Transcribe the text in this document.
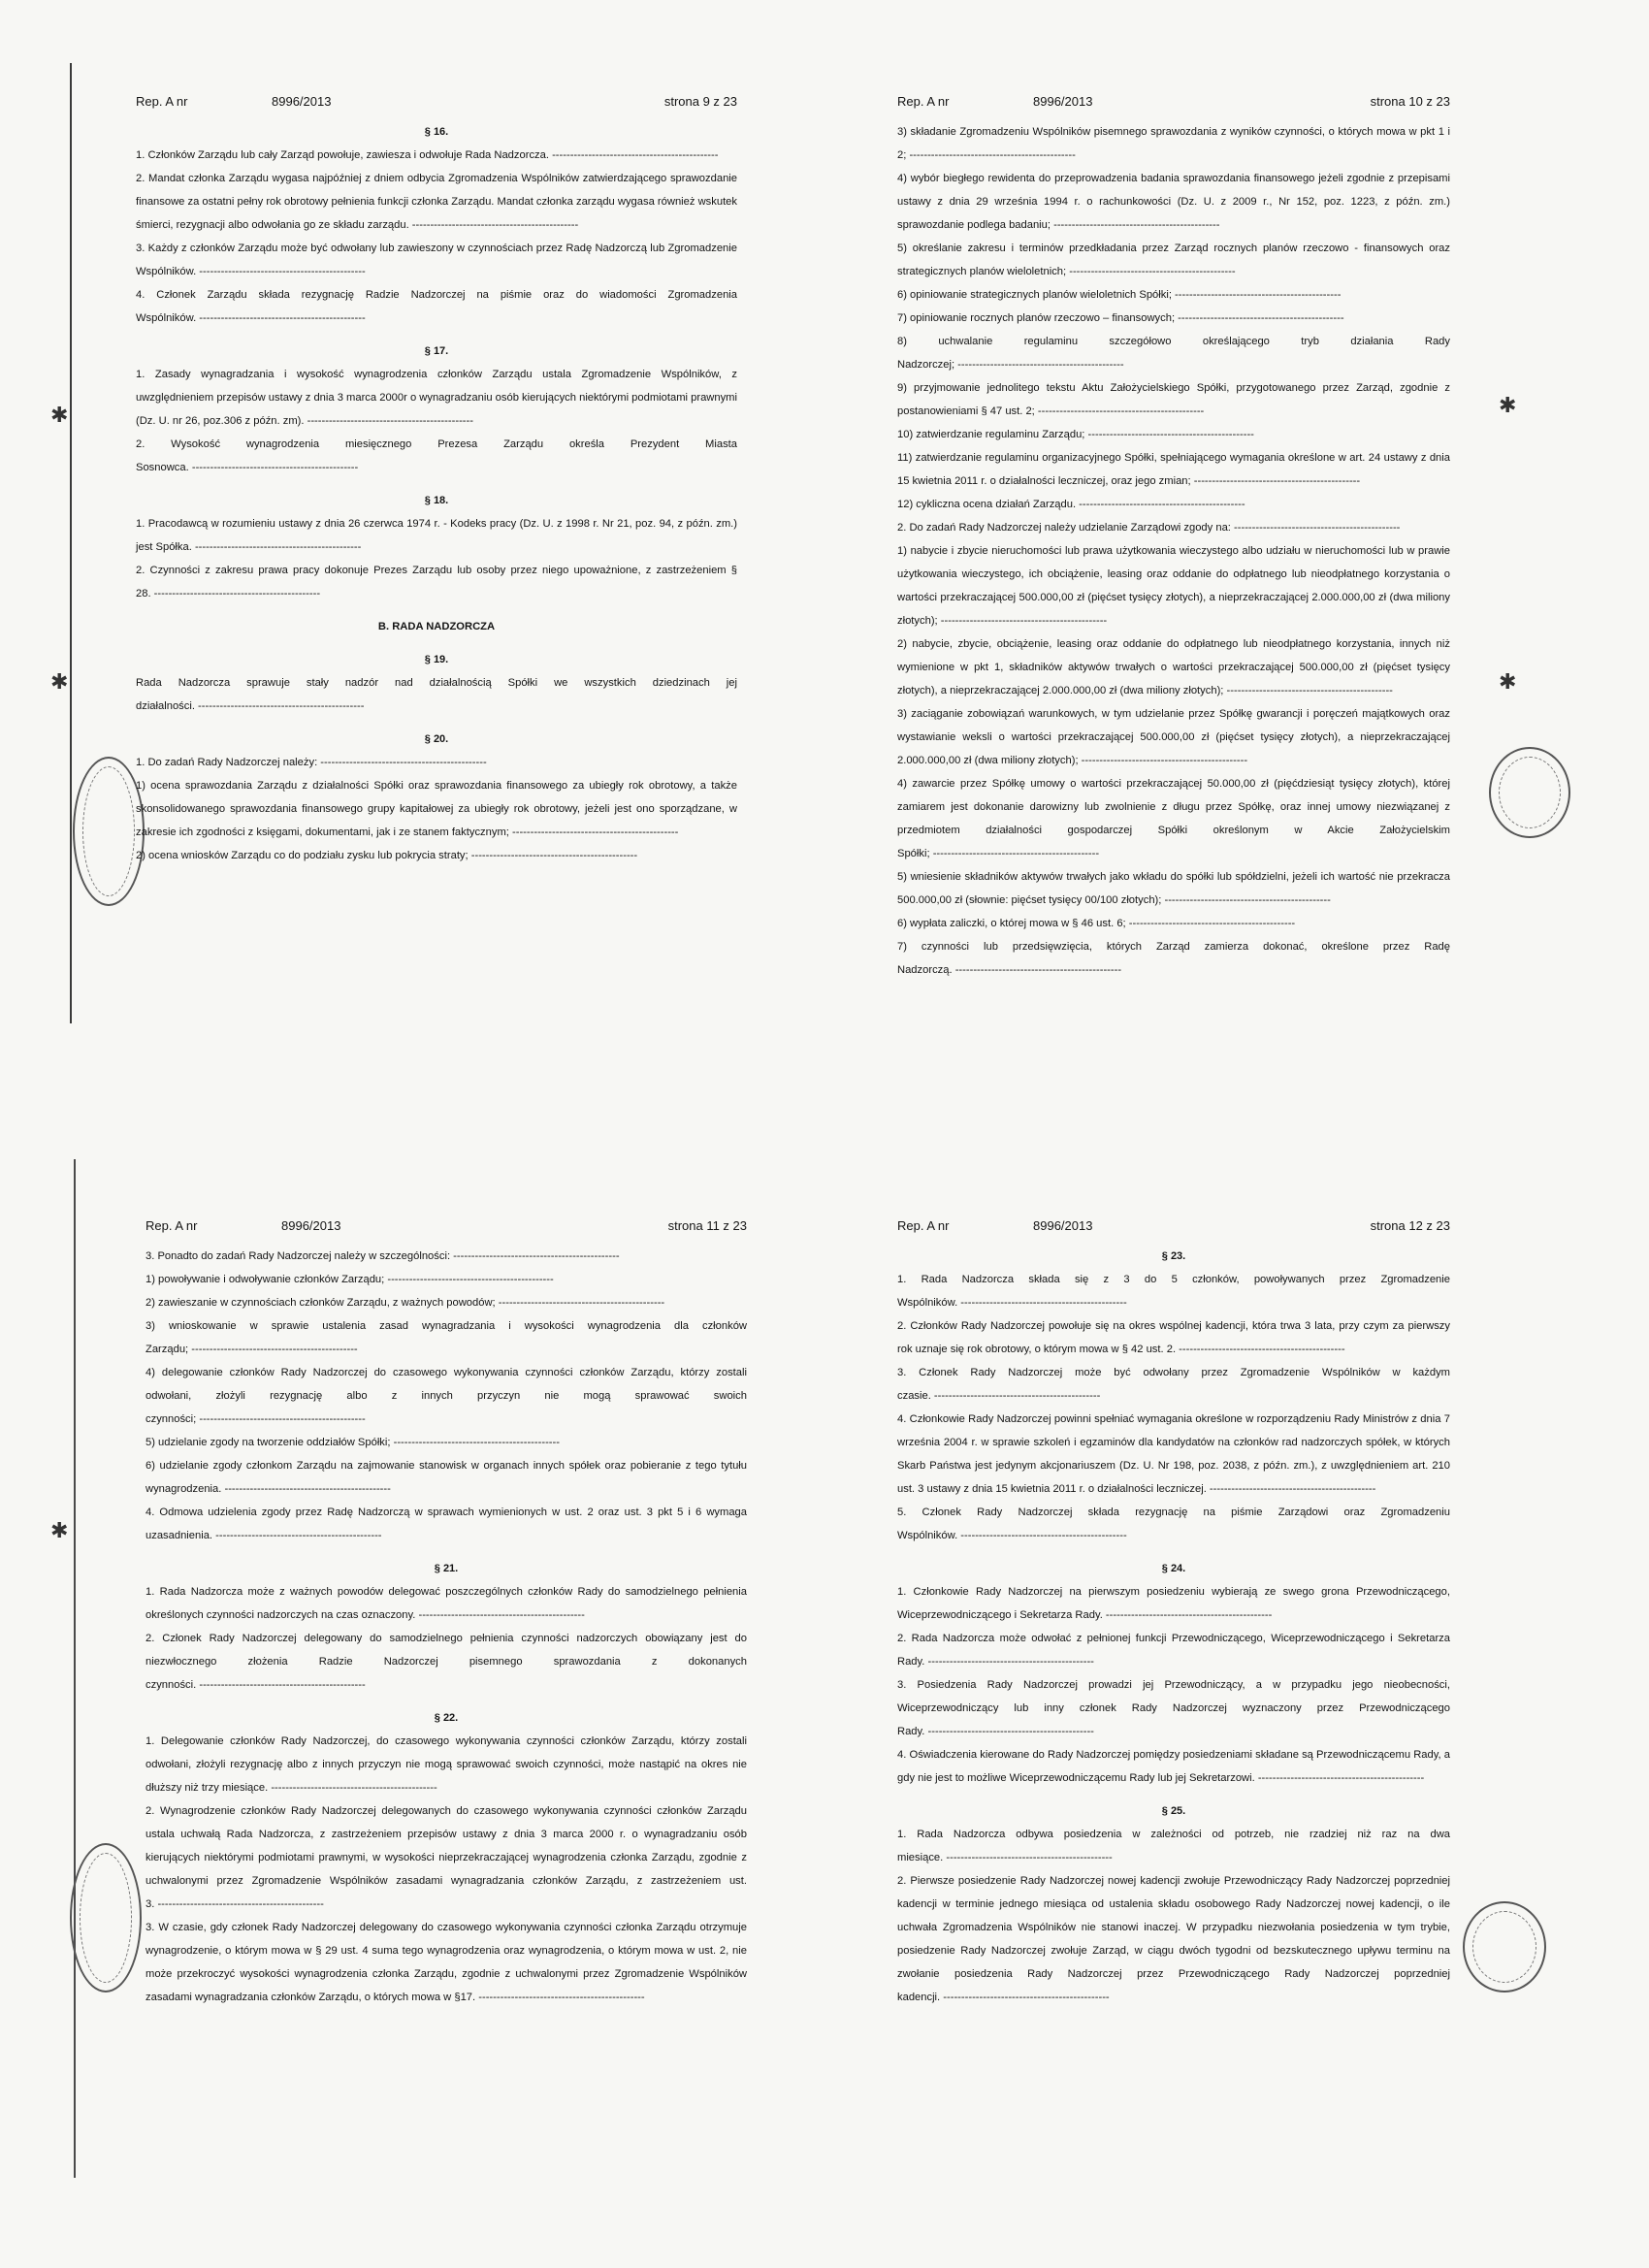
✱
✱
✱
✱
✱
Rep. A nr	8996/2013	strona 9 z 23
§ 16.
1. Członków Zarządu lub cały Zarząd powołuje, zawiesza i odwołuje Rada Nadzorcza. -----
2. Mandat członka Zarządu wygasa najpóźniej z dniem odbycia Zgromadzenia Wspólników zatwierdzającego sprawozdanie finansowe za ostatni pełny rok obrotowy pełnienia funkcji członka Zarządu. Mandat członka zarządu wygasa również wskutek śmierci, rezygnacji albo odwołania go ze składu zarządu. -----
3. Każdy z członków Zarządu może być odwołany lub zawieszony w czynnościach przez Radę Nadzorczą lub Zgromadzenie Wspólników. -----
4. Członek Zarządu składa rezygnację Radzie Nadzorczej na piśmie oraz do wiadomości Zgromadzenia Wspólników. -----
§ 17.
1. Zasady wynagradzania i wysokość wynagrodzenia członków Zarządu ustala Zgromadzenie Wspólników, z uwzględnieniem przepisów ustawy z dnia 3 marca 2000r o wynagradzaniu osób kierujących niektórymi podmiotami prawnymi (Dz. U. nr 26, poz.306 z późn. zm). -----
2. Wysokość wynagrodzenia miesięcznego Prezesa Zarządu określa Prezydent Miasta Sosnowca. -----
§ 18.
1. Pracodawcą w rozumieniu ustawy z dnia 26 czerwca 1974 r. - Kodeks pracy (Dz. U. z 1998 r. Nr 21, poz. 94, z późn. zm.) jest Spółka. -----
2. Czynności z zakresu prawa pracy dokonuje Prezes Zarządu lub osoby przez niego upoważnione, z zastrzeżeniem § 28. -----
B. RADA NADZORCZA
§ 19.
Rada Nadzorcza sprawuje stały nadzór nad działalnością Spółki we wszystkich dziedzinach jej działalności. -----
§ 20.
1. Do zadań Rady Nadzorczej należy: -----
1) ocena sprawozdania Zarządu z działalności Spółki oraz sprawozdania finansowego za ubiegły rok obrotowy, a także skonsolidowanego sprawozdania finansowego grupy kapitałowej za ubiegły rok obrotowy, jeżeli jest ono sporządzane, w zakresie ich zgodności z księgami, dokumentami, jak i ze stanem faktycznym; -----
2) ocena wniosków Zarządu co do podziału zysku lub pokrycia straty; -----
Rep. A nr	8996/2013	strona 10 z 23
3) składanie Zgromadzeniu Wspólników pisemnego sprawozdania z wyników czynności, o których mowa w pkt 1 i 2; -----
4) wybór biegłego rewidenta do przeprowadzenia badania sprawozdania finansowego jeżeli zgodnie z przepisami ustawy z dnia 29 września 1994 r. o rachunkowości (Dz. U. z 2009 r., Nr 152, poz. 1223, z późn. zm.) sprawozdanie podlega badaniu; -----
5) określanie zakresu i terminów przedkładania przez Zarząd rocznych planów rzeczowo - finansowych oraz strategicznych planów wieloletnich; -----
6) opiniowanie strategicznych planów wieloletnich Spółki; -----
7) opiniowanie rocznych planów rzeczowo – finansowych; -----
8) uchwalanie regulaminu szczegółowo określającego tryb działania Rady Nadzorczej; -----
9) przyjmowanie jednolitego tekstu Aktu Założycielskiego Spółki, przygotowanego przez Zarząd, zgodnie z postanowieniami § 47 ust. 2; -----
10) zatwierdzanie regulaminu Zarządu; -----
11) zatwierdzanie regulaminu organizacyjnego Spółki, spełniającego wymagania określone w art. 24 ustawy z dnia 15 kwietnia 2011 r. o działalności leczniczej, oraz jego zmian; -----
12) cykliczna ocena działań Zarządu. -----
2. Do zadań Rady Nadzorczej należy udzielanie Zarządowi zgody na: -----
1) nabycie i zbycie nieruchomości lub prawa użytkowania wieczystego albo udziału w nieruchomości lub w prawie użytkowania wieczystego, ich obciążenie, leasing oraz oddanie do odpłatnego lub nieodpłatnego korzystania o wartości przekraczającej 500.000,00 zł (pięćset tysięcy złotych), a nieprzekraczającej 2.000.000,00 zł (dwa miliony złotych); -----
2) nabycie, zbycie, obciążenie, leasing oraz oddanie do odpłatnego lub nieodpłatnego korzystania, innych niż wymienione w pkt 1, składników aktywów trwałych o wartości przekraczającej 500.000,00 zł (pięćset tysięcy złotych), a nieprzekraczającej 2.000.000,00 zł (dwa miliony złotych); -----
3) zaciąganie zobowiązań warunkowych, w tym udzielanie przez Spółkę gwarancji i poręczeń majątkowych oraz wystawianie weksli o wartości przekraczającej 500.000,00 zł (pięćset tysięcy złotych), a nieprzekraczającej 2.000.000,00 zł (dwa miliony złotych); -----
4) zawarcie przez Spółkę umowy o wartości przekraczającej 50.000,00 zł (pięćdziesiąt tysięcy złotych), której zamiarem jest dokonanie darowizny lub zwolnienie z długu przez Spółkę, oraz innej umowy niezwiązanej z przedmiotem działalności gospodarczej Spółki określonym w Akcie Założycielskim Spółki; -----
5) wniesienie składników aktywów trwałych jako wkładu do spółki lub spółdzielni, jeżeli ich wartość nie przekracza 500.000,00 zł (słownie: pięćset tysięcy 00/100 złotych); -----
6) wypłata zaliczki, o której mowa w § 46 ust. 6; -----
7) czynności lub przedsięwzięcia, których Zarząd zamierza dokonać, określone przez Radę Nadzorczą. -----
Rep. A nr	8996/2013	strona 11 z 23
3. Ponadto do zadań Rady Nadzorczej należy w szczególności: -----
1) powoływanie i odwoływanie członków Zarządu; -----
2) zawieszanie w czynnościach członków Zarządu, z ważnych powodów; -----
3) wnioskowanie w sprawie ustalenia zasad wynagradzania i wysokości wynagrodzenia dla członków Zarządu; -----
4) delegowanie członków Rady Nadzorczej do czasowego wykonywania czynności członków Zarządu, którzy zostali odwołani, złożyli rezygnację albo z innych przyczyn nie mogą sprawować swoich czynności; -----
5) udzielanie zgody na tworzenie oddziałów Spółki; -----
6) udzielanie zgody członkom Zarządu na zajmowanie stanowisk w organach innych spółek oraz pobieranie z tego tytułu wynagrodzenia. -----
4. Odmowa udzielenia zgody przez Radę Nadzorczą w sprawach wymienionych w ust. 2 oraz ust. 3 pkt 5 i 6 wymaga uzasadnienia. -----
§ 21.
1. Rada Nadzorcza może z ważnych powodów delegować poszczególnych członków Rady do samodzielnego pełnienia określonych czynności nadzorczych na czas oznaczony. -----
2. Członek Rady Nadzorczej delegowany do samodzielnego pełnienia czynności nadzorczych obowiązany jest do niezwłocznego złożenia Radzie Nadzorczej pisemnego sprawozdania z dokonanych czynności. -----
§ 22.
1. Delegowanie członków Rady Nadzorczej, do czasowego wykonywania czynności członków Zarządu, którzy zostali odwołani, złożyli rezygnację albo z innych przyczyn nie mogą sprawować swoich czynności, może nastąpić na okres nie dłuższy niż trzy miesiące. -----
2. Wynagrodzenie członków Rady Nadzorczej delegowanych do czasowego wykonywania czynności członków Zarządu ustala uchwałą Rada Nadzorcza, z zastrzeżeniem przepisów ustawy z dnia 3 marca 2000 r. o wynagradzaniu osób kierujących niektórymi podmiotami prawnymi, w wysokości nieprzekraczającej wynagrodzenia członka Zarządu, zgodnie z uchwalonymi przez Zgromadzenie Wspólników zasadami wynagradzania członków Zarządu, z zastrzeżeniem ust. 3. -----
3. W czasie, gdy członek Rady Nadzorczej delegowany do czasowego wykonywania czynności członka Zarządu otrzymuje wynagrodzenie, o którym mowa w § 29 ust. 4 suma tego wynagrodzenia oraz wynagrodzenia, o którym mowa w ust. 2, nie może przekroczyć wysokości wynagrodzenia członka Zarządu, zgodnie z uchwalonymi przez Zgromadzenie Wspólników zasadami wynagradzania członków Zarządu, o których mowa w §17. -----
Rep. A nr	8996/2013	strona 12 z 23
§ 23.
1. Rada Nadzorcza składa się z 3 do 5 członków, powoływanych przez Zgromadzenie Wspólników. -----
2. Członków Rady Nadzorczej powołuje się na okres wspólnej kadencji, która trwa 3 lata, przy czym za pierwszy rok uznaje się rok obrotowy, o którym mowa w § 42 ust. 2. -----
3. Członek Rady Nadzorczej może być odwołany przez Zgromadzenie Wspólników w każdym czasie. -----
4. Członkowie Rady Nadzorczej powinni spełniać wymagania określone w rozporządzeniu Rady Ministrów z dnia 7 września 2004 r. w sprawie szkoleń i egzaminów dla kandydatów na członków rad nadzorczych spółek, w których Skarb Państwa jest jedynym akcjonariuszem (Dz. U. Nr 198, poz. 2038, z późn. zm.), z uwzględnieniem art. 210 ust. 3 ustawy z dnia 15 kwietnia 2011 r. o działalności leczniczej. -----
5. Członek Rady Nadzorczej składa rezygnację na piśmie Zarządowi oraz Zgromadzeniu Wspólników. -----
§ 24.
1. Członkowie Rady Nadzorczej na pierwszym posiedzeniu wybierają ze swego grona Przewodniczącego, Wiceprzewodniczącego i Sekretarza Rady. -----
2. Rada Nadzorcza może odwołać z pełnionej funkcji Przewodniczącego, Wiceprzewodniczącego i Sekretarza Rady. -----
3. Posiedzenia Rady Nadzorczej prowadzi jej Przewodniczący, a w przypadku jego nieobecności, Wiceprzewodniczący lub inny członek Rady Nadzorczej wyznaczony przez Przewodniczącego Rady. -----
4. Oświadczenia kierowane do Rady Nadzorczej pomiędzy posiedzeniami składane są Przewodniczącemu Rady, a gdy nie jest to możliwe Wiceprzewodniczącemu Rady lub jej Sekretarzowi. -----
§ 25.
1. Rada Nadzorcza odbywa posiedzenia w zależności od potrzeb, nie rzadziej niż raz na dwa miesiące. -----
2. Pierwsze posiedzenie Rady Nadzorczej nowej kadencji zwołuje Przewodniczący Rady Nadzorczej poprzedniej kadencji w terminie jednego miesiąca od ustalenia składu osobowego Rady Nadzorczej nowej kadencji, o ile uchwała Zgromadzenia Wspólników nie stanowi inaczej. W przypadku niezwołania posiedzenia w tym trybie, posiedzenie Rady Nadzorczej zwołuje Zarząd, w ciągu dwóch tygodni od bezskutecznego upływu terminu na zwołanie posiedzenia Rady Nadzorczej przez Przewodniczącego Rady Nadzorczej poprzedniej kadencji. -----
